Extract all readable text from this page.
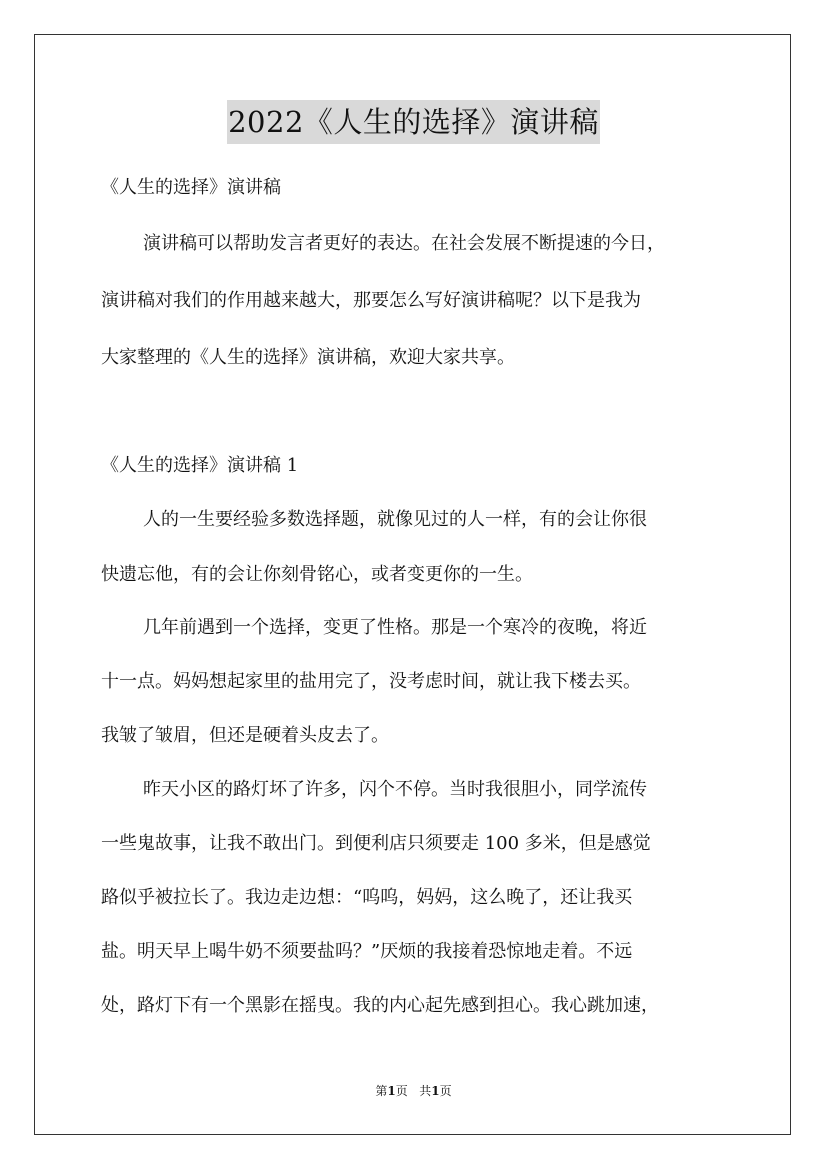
2022《人生的选择》演讲稿
《人生的选择》演讲稿
演讲稿可以帮助发言者更好的表达。在社会发展不断提速的今日，
演讲稿对我们的作用越来越大，那要怎么写好演讲稿呢？以下是我为
大家整理的《人生的选择》演讲稿，欢迎大家共享。
《人生的选择》演讲稿 1
人的一生要经验多数选择题，就像见过的人一样，有的会让你很
快遗忘他，有的会让你刻骨铭心，或者变更你的一生。
几年前遇到一个选择，变更了性格。那是一个寒冷的夜晚，将近
十一点。妈妈想起家里的盐用完了，没考虑时间，就让我下楼去买。
我皱了皱眉，但还是硬着头皮去了。
昨天小区的路灯坏了许多，闪个不停。当时我很胆小，同学流传
一些鬼故事，让我不敢出门。到便利店只须要走 100 多米，但是感觉
路似乎被拉长了。我边走边想：“呜呜，妈妈，这么晚了，还让我买
盐。明天早上喝牛奶不须要盐吗？”厌烦的我接着恐惊地走着。不远
处，路灯下有一个黑影在摇曳。我的内心起先感到担心。我心跳加速，
第1页 共1页
